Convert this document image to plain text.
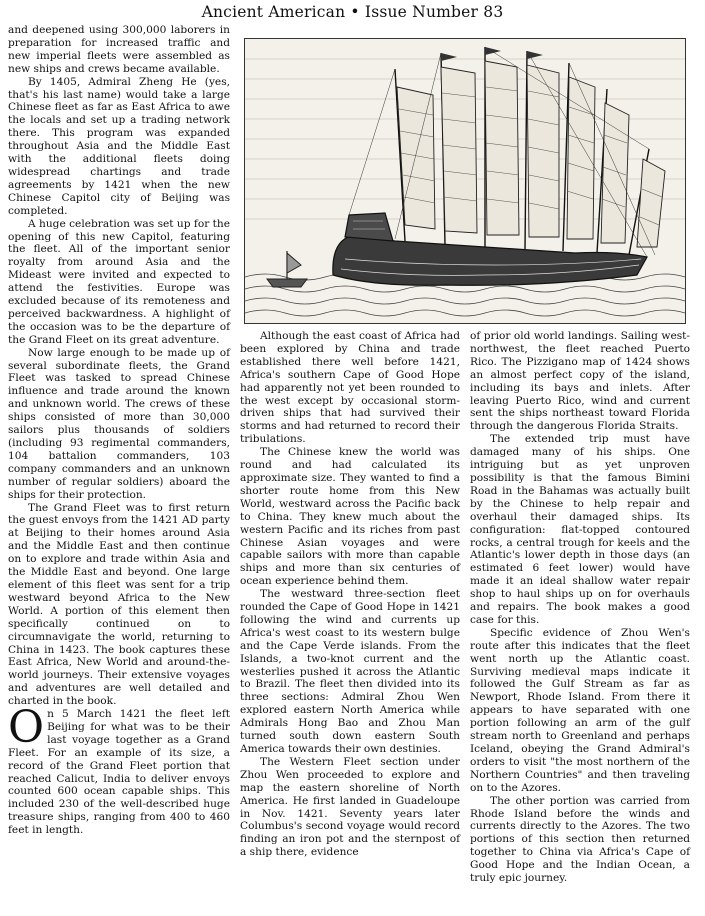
Ancient American • Issue Number 83

and deepened using 300,000 laborers in preparation for increased traffic and new imperial fleets were assembled as new ships and crews became available.

By 1405, Admiral Zheng He (yes, that's his last name) would take a large Chinese fleet as far as East Africa to awe the locals and set up a trading network there. This program was expanded throughout Asia and the Middle East with the additional fleets doing widespread chartings and trade agreements by 1421 when the new Chinese Capitol city of Beijing was completed.

A huge celebration was set up for the opening of this new Capitol, featuring the fleet. All of the important senior royalty from around Asia and the Mideast were invited and expected to attend the festivities. Europe was excluded because of its remoteness and perceived backwardness. A highlight of the occasion was to be the departure of the Grand Fleet on its great adventure.

Now large enough to be made up of several subordinate fleets, the Grand Fleet was tasked to spread Chinese influence and trade around the known and unknown world. The crews of these ships consisted of more than 30,000 sailors plus thousands of soldiers (including 93 regimental commanders, 104 battalion commanders, 103 company commanders and an unknown number of regular soldiers) aboard the ships for their protection.

The Grand Fleet was to first return the guest envoys from the 1421 AD party at Beijing to their homes around Asia and the Middle East and then continue on to explore and trade within Asia and the Middle East and beyond. One large element of this fleet was sent for a trip westward beyond Africa to the New World. A portion of this element then specifically continued on to circumnavigate the world, returning to China in 1423. The book captures these East Africa, New World and around-the-world journeys. Their extensive voyages and adventures are well detailed and charted in the book.

On 5 March 1421 the fleet left Beijing for what was to be their last voyage together as a Grand Fleet. For an example of its size, a record of the Grand Fleet portion that reached Calicut, India to deliver envoys counted 600 ocean capable ships. This included 230 of the well-described huge treasure ships, ranging from 400 to 460 feet in length.

Although the east coast of Africa had been explored by China and trade established there well before 1421, Africa's southern Cape of Good Hope had apparently not yet been rounded to the west except by occasional storm-driven ships that had survived their storms and had returned to record their tribulations.

The Chinese knew the world was round and had calculated its approximate size. They wanted to find a shorter route home from this New World, westward across the Pacific back to China. They knew much about the western Pacific and its riches from past Chinese Asian voyages and were capable sailors with more than capable ships and more than six centuries of ocean experience behind them.

The westward three-section fleet rounded the Cape of Good Hope in 1421 following the wind and currents up Africa's west coast to its western bulge and the Cape Verde islands. From the Islands, a two-knot current and the westerlies pushed it across the Atlantic to Brazil. The fleet then divided into its three sections: Admiral Zhou Wen explored eastern North America while Admirals Hong Bao and Zhou Man turned south down eastern South America towards their own destinies.

The Western Fleet section under Zhou Wen proceeded to explore and map the eastern shoreline of North America. He first landed in Guadeloupe in Nov. 1421. Seventy years later Columbus's second voyage would record finding an iron pot and the sternpost of a ship there, evidence

of prior old world landings. Sailing west-northwest, the fleet reached Puerto Rico. The Pizzigano map of 1424 shows an almost perfect copy of the island, including its bays and inlets. After leaving Puerto Rico, wind and current sent the ships northeast toward Florida through the dangerous Florida Straits.

The extended trip must have damaged many of his ships. One intriguing but as yet unproven possibility is that the famous Bimini Road in the Bahamas was actually built by the Chinese to help repair and overhaul their damaged ships. Its configuration: flat-topped contoured rocks, a central trough for keels and the Atlantic's lower depth in those days (an estimated 6 feet lower) would have made it an ideal shallow water repair shop to haul ships up on for overhauls and repairs. The book makes a good case for this.

Specific evidence of Zhou Wen's route after this indicates that the fleet went north up the Atlantic coast. Surviving medieval maps indicate it followed the Gulf Stream as far as Newport, Rhode Island. From there it appears to have separated with one portion following an arm of the gulf stream north to Greenland and perhaps Iceland, obeying the Grand Admiral's orders to visit "the most northern of the Northern Countries" and then traveling on to the Azores.

The other portion was carried from Rhode Island before the winds and currents directly to the Azores. The two portions of this section then returned together to China via Africa's Cape of Good Hope and the Indian Ocean, a truly epic journey.
